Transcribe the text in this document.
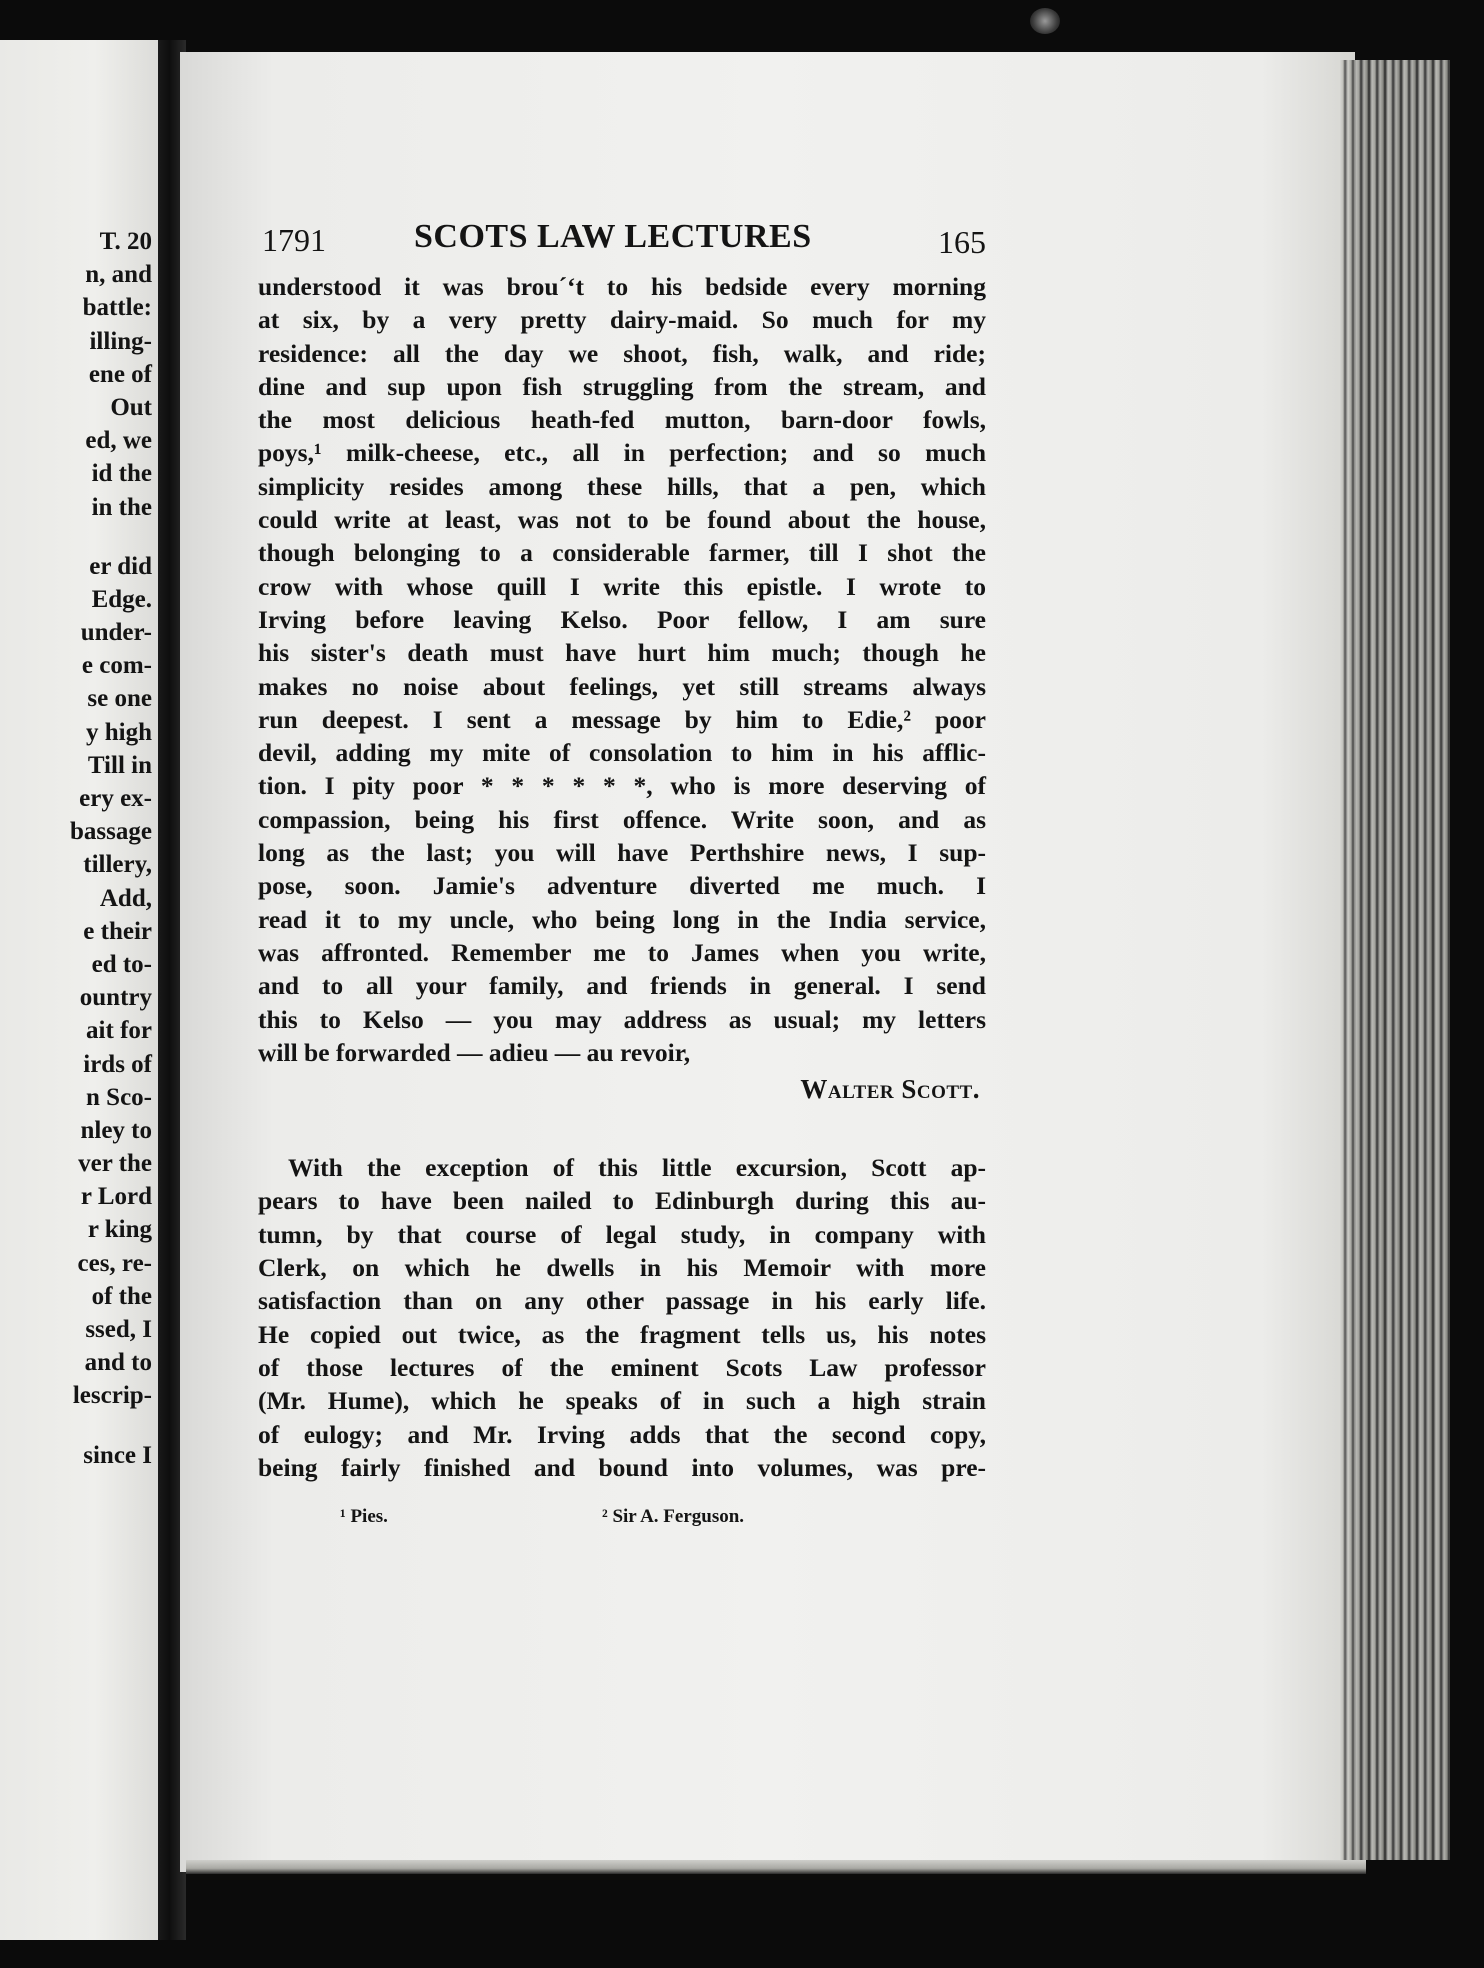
T. 20
n, and
battle:
illing-
ene of
Out
ed, we
id the
in the
er did
Edge.
under-
e com-
se one
y high
Till in
ery ex-
bassage
tillery,
Add,
e their
ed to-
ountry
ait for
irds of
n Sco-
nley to
ver the
r Lord
r king
ces, re-
of the
ssed, I
and to
lescrip-
since I
1791	SCOTS LAW LECTURES	165
understood it was brou´ʻt to his bedside every morning
at six, by a very pretty dairy-maid. So much for my
residence: all the day we shoot, fish, walk, and ride;
dine and sup upon fish struggling from the stream, and
the most delicious heath-fed mutton, barn-door fowls,
poys,¹ milk-cheese, etc., all in perfection; and so much
simplicity resides among these hills, that a pen, which
could write at least, was not to be found about the house,
though belonging to a considerable farmer, till I shot the
crow with whose quill I write this epistle. I wrote to
Irving before leaving Kelso. Poor fellow, I am sure
his sister's death must have hurt him much; though he
makes no noise about feelings, yet still streams always
run deepest. I sent a message by him to Edie,² poor
devil, adding my mite of consolation to him in his afflic-
tion. I pity poor * * * * * *, who is more deserving of
compassion, being his first offence. Write soon, and as
long as the last; you will have Perthshire news, I sup-
pose, soon. Jamie's adventure diverted me much. I
read it to my uncle, who being long in the India service,
was affronted. Remember me to James when you write,
and to all your family, and friends in general. I send
this to Kelso — you may address as usual; my letters
will be forwarded — adieu — au revoir,
Walter Scott.
With the exception of this little excursion, Scott ap-
pears to have been nailed to Edinburgh during this au-
tumn, by that course of legal study, in company with
Clerk, on which he dwells in his Memoir with more
satisfaction than on any other passage in his early life.
He copied out twice, as the fragment tells us, his notes
of those lectures of the eminent Scots Law professor
(Mr. Hume), which he speaks of in such a high strain
of eulogy; and Mr. Irving adds that the second copy,
being fairly finished and bound into volumes, was pre-
¹ Pies.	² Sir A. Ferguson.
